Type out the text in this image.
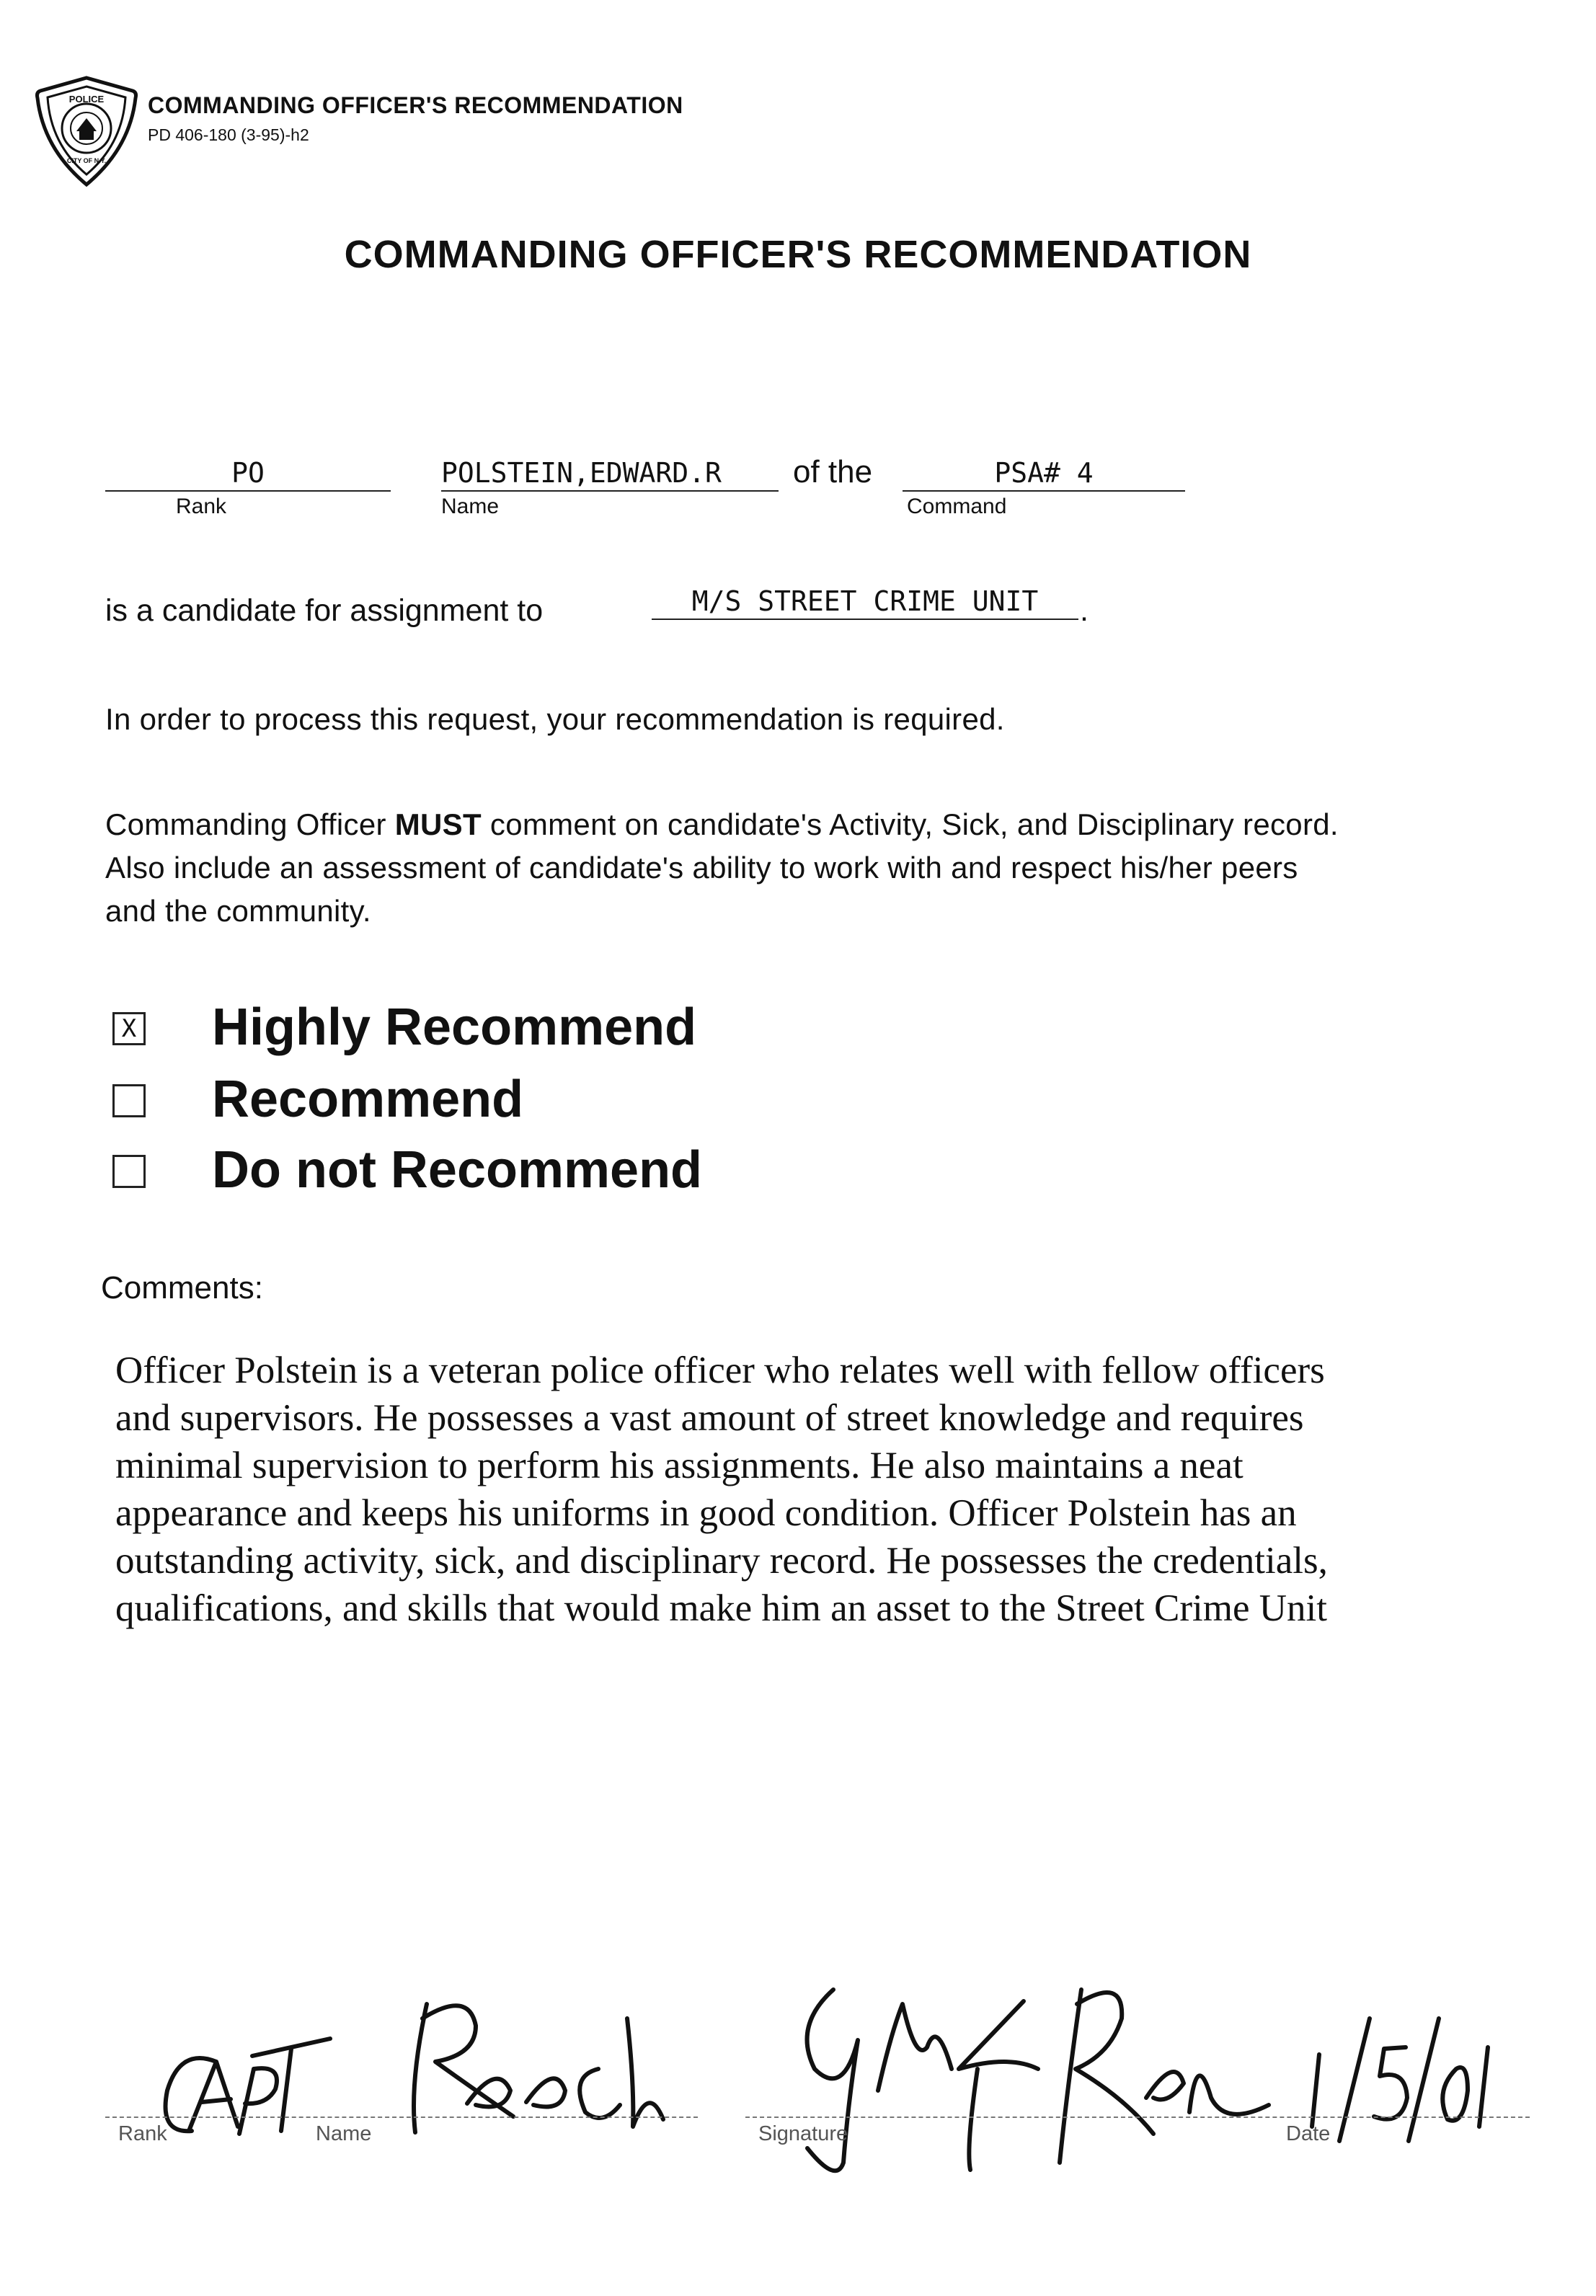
POLICE
CITY OF N.Y.
COMMANDING OFFICER'S RECOMMENDATION
PD 406-180 (3-95)-h2
COMMANDING OFFICER'S RECOMMENDATION
PO
Rank
POLSTEIN,EDWARD.R
Name
of the	PSA# 4
Command
is a candidate for assignment to	M/S STREET CRIME UNIT	.
In order to process this request, your recommendation is required.
Commanding Officer MUST comment on candidate's Activity, Sick, and Disciplinary record.
Also include an assessment of candidate's ability to work with and respect his/her peers
and the community.
X Highly Recommend
Recommend
Do not Recommend
Comments:
Officer Polstein is a veteran police officer who relates well with fellow officers
and supervisors. He possesses a vast amount of street knowledge and requires
minimal supervision to perform his assignments. He also maintains a neat
appearance and keeps his uniforms in good condition. Officer Polstein has an
outstanding activity, sick, and disciplinary record. He possesses the credentials,
qualifications, and skills that would make him an asset to the Street Crime Unit
Rank	Name	Signature	Date
